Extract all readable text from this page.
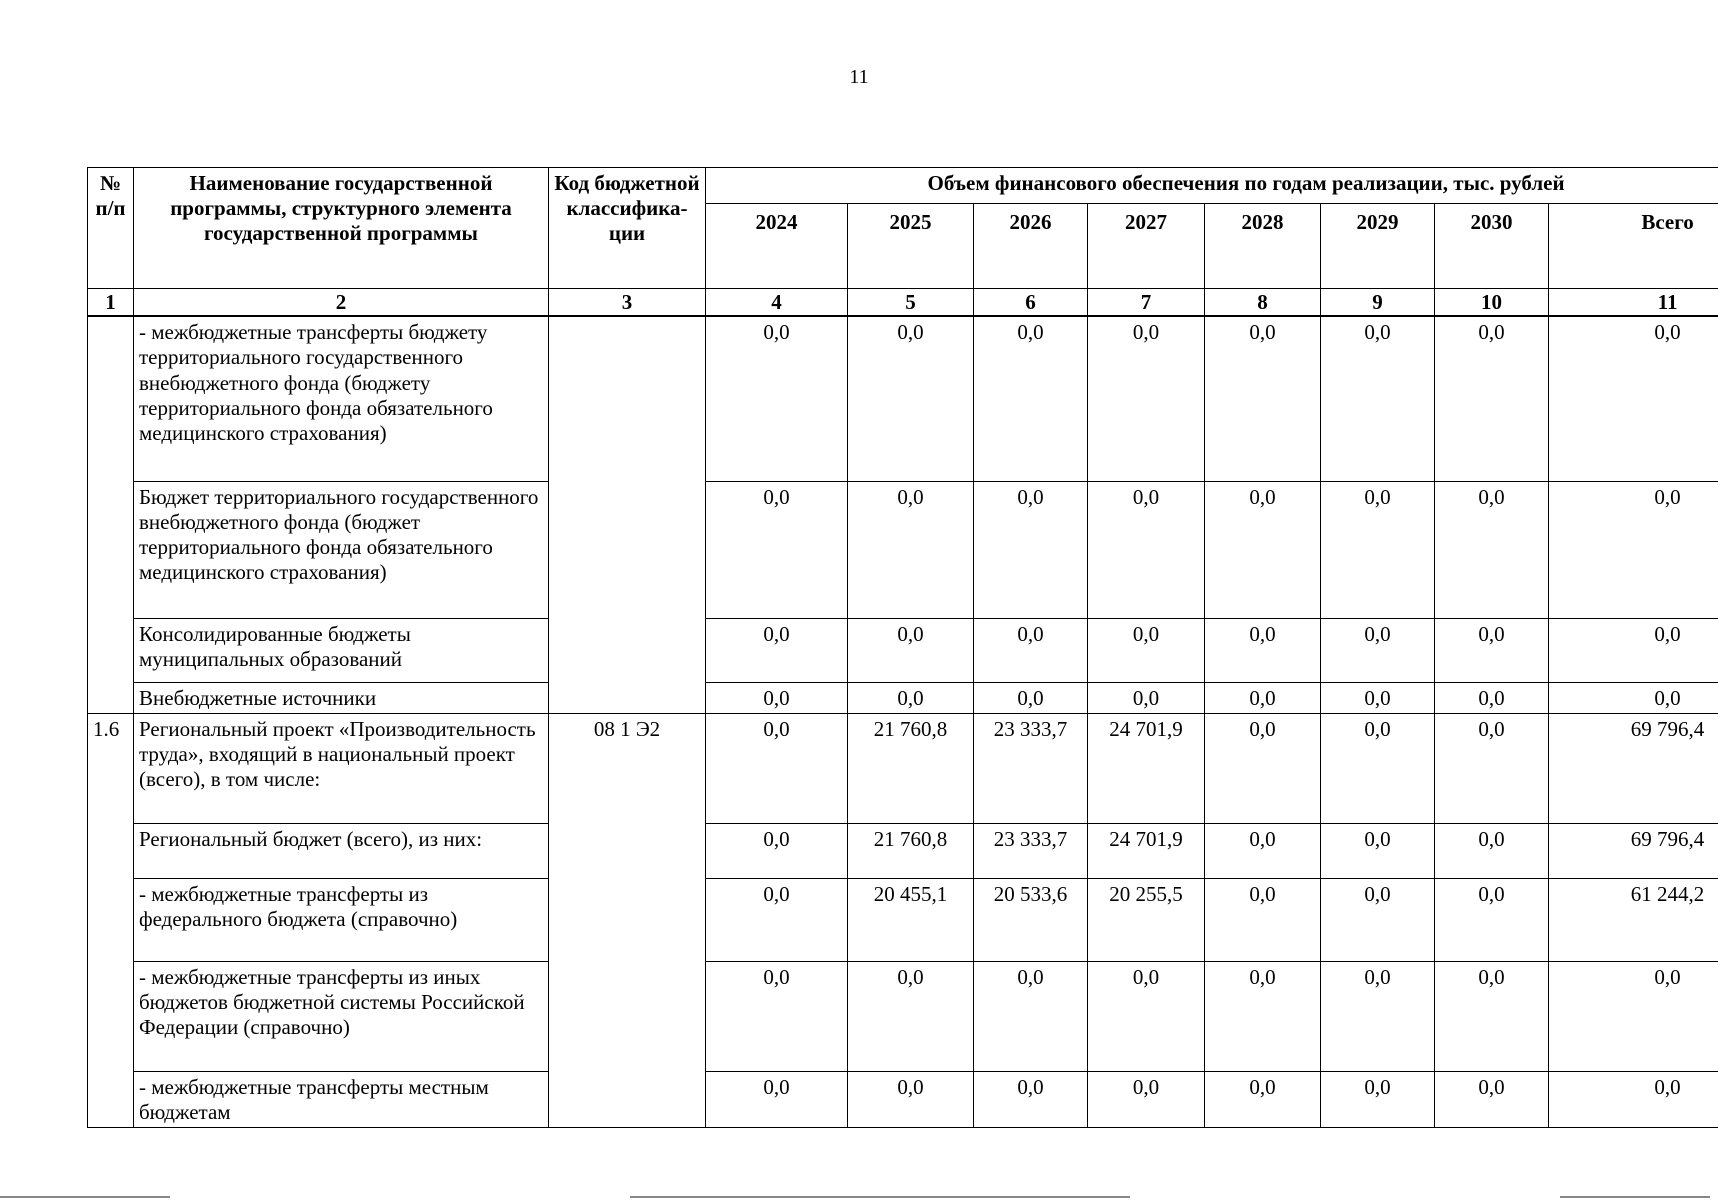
11
№ п/п	Наименование государственной программы, структурного элемента государственной программы	Код бюджетной классифика-ции	Объем финансового обеспечения по годам реализации, тыс. рублей							
			2024	2025	2026	2027	2028	2029	2030	Всего
1	2	3	4	5	6	7	8	9	10	11
	- межбюджетные трансферты бюджету территориального государственного внебюджетного фонда (бюджету территориального фонда обязательного медицинского страхования)		0,0	0,0	0,0	0,0	0,0	0,0	0,0	0,0
	Бюджет территориального государственного внебюджетного фонда (бюджет территориального фонда обязательного медицинского страхования)		0,0	0,0	0,0	0,0	0,0	0,0	0,0	0,0
	Консолидированные бюджеты муниципальных образований		0,0	0,0	0,0	0,0	0,0	0,0	0,0	0,0
	Внебюджетные источники		0,0	0,0	0,0	0,0	0,0	0,0	0,0	0,0
1.6	Региональный проект «Производительность труда», входящий в национальный проект (всего), в том числе:	08 1 Э2	0,0	21 760,8	23 333,7	24 701,9	0,0	0,0	0,0	69 796,4
	Региональный бюджет (всего), из них:		0,0	21 760,8	23 333,7	24 701,9	0,0	0,0	0,0	69 796,4
	- межбюджетные трансферты из федерального бюджета (справочно)		0,0	20 455,1	20 533,6	20 255,5	0,0	0,0	0,0	61 244,2
	- межбюджетные трансферты из иных бюджетов бюджетной системы Российской Федерации (справочно)		0,0	0,0	0,0	0,0	0,0	0,0	0,0	0,0
	- межбюджетные трансферты местным бюджетам		0,0	0,0	0,0	0,0	0,0	0,0	0,0	0,0
